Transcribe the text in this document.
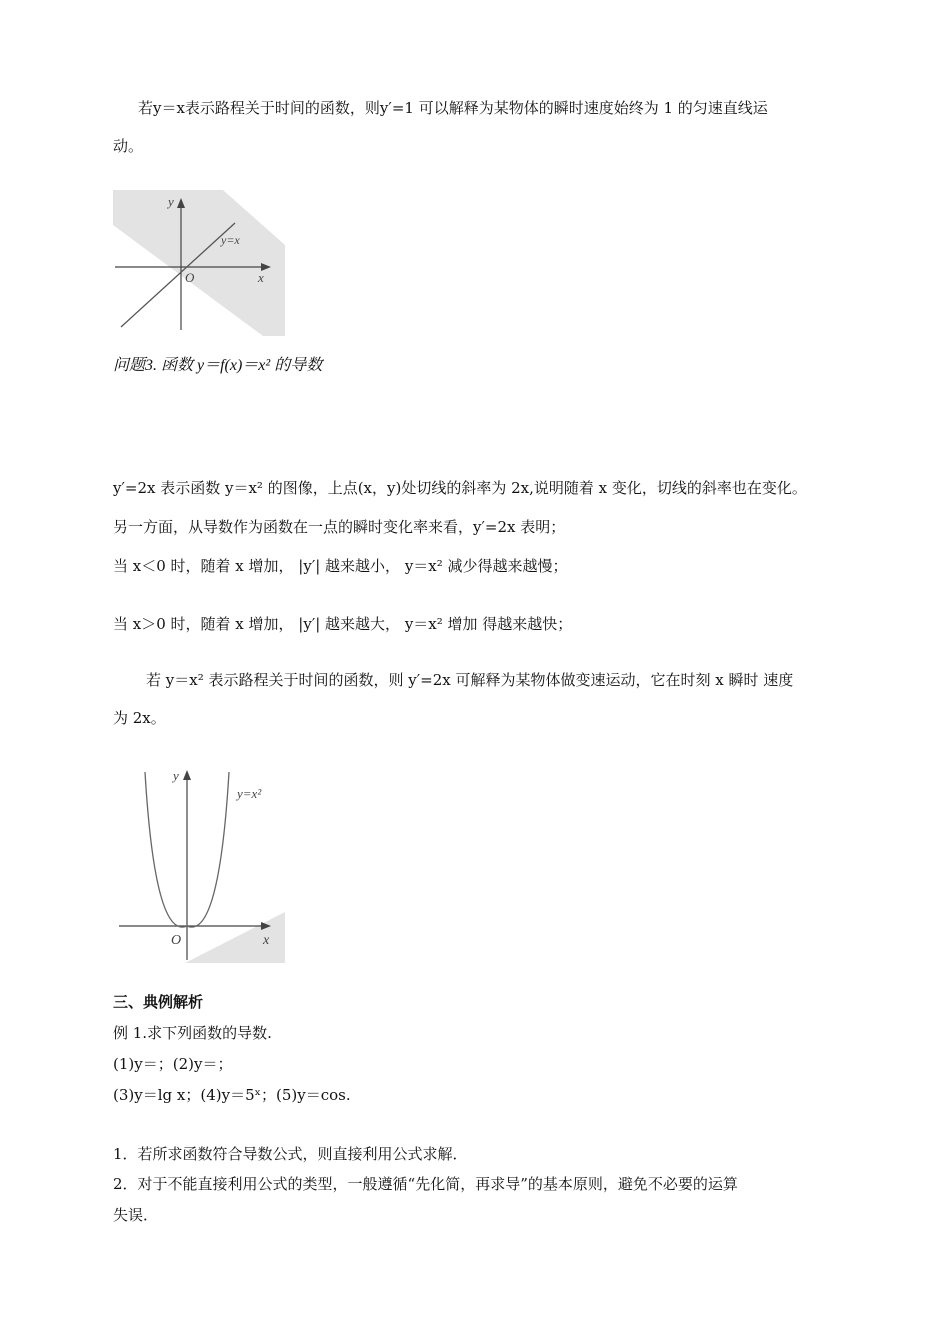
若y＝x表示路程关于时间的函数，则y′=1 可以解释为某物体的瞬时速度始终为 1 的匀速直线运
动。
y
x
O
y=x
问题3. 函数 y＝f(x)＝x² 的导数
y′=2x 表示函数 y＝x² 的图像，上点(x，y)处切线的斜率为 2x,说明随着 x 变化，切线的斜率也在变化。
另一方面，从导数作为函数在一点的瞬时变化率来看，y′=2x 表明；
当 x＜0 时，随着 x 增加， |y′| 越来越小， y＝x² 减少得越来越慢；
当 x＞0 时，随着 x 增加， |y′| 越来越大， y＝x² 增加 得越来越快；
若 y＝x² 表示路程关于时间的函数，则 y′=2x 可解释为某物体做变速运动，它在时刻 x 瞬时 速度
为 2x。
y
x
O
y=x²
三、典例解析
例 1.求下列函数的导数.
(1)y＝；(2)y＝；
(3)y＝lg x；(4)y＝5ˣ；(5)y＝cos.
1．若所求函数符合导数公式，则直接利用公式求解．
2．对于不能直接利用公式的类型，一般遵循“先化简，再求导”的基本原则，避免不必要的运算
失误．
